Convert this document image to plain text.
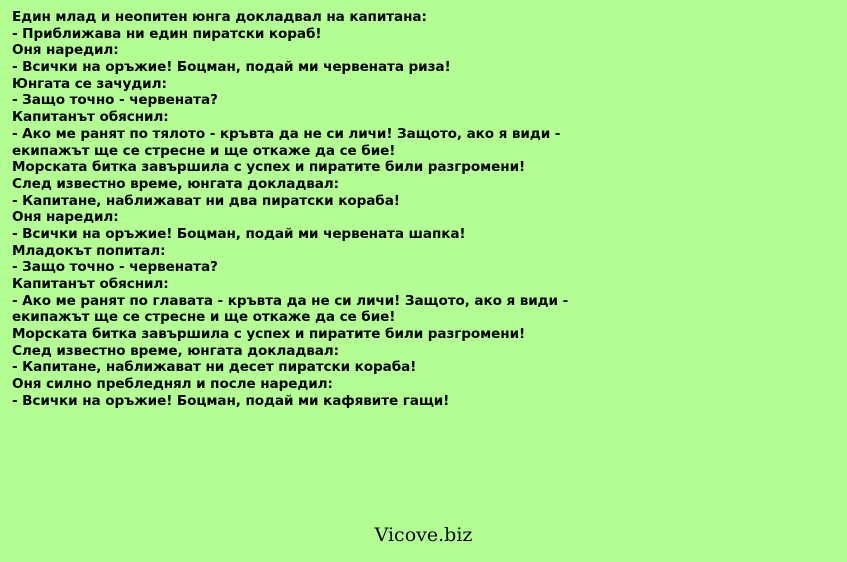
Един млад и неопитен юнга докладвал на капитана:
- Приближава ни един пиратски кораб!
Оня наредил:
- Всички на оръжие! Боцман, подай ми червената риза!
Юнгата се зачудил:
- Защо точно - червената?
Капитанът обяснил:
- Ако ме ранят по тялото - кръвта да не си личи! Защото, ако я види -
екипажът ще се стресне и ще откаже да се бие!
Морската битка завършила с успех и пиратите били разгромени!
След известно време, юнгата докладвал:
- Капитане, наближават ни два пиратски кораба!
Оня наредил:
- Всички на оръжие! Боцман, подай ми червената шапка!
Младокът попитал:
- Защо точно - червената?
Капитанът обяснил:
- Ако ме ранят по главата - кръвта да не си личи! Защото, ако я види -
екипажът ще се стресне и ще откаже да се бие!
Морската битка завършила с успех и пиратите били разгромени!
След известно време, юнгата докладвал:
- Капитане, наближават ни десет пиратски кораба!
Оня силно пребледнял и после наредил:
- Всички на оръжие! Боцман, подай ми кафявите гащи!
Vicove.biz
